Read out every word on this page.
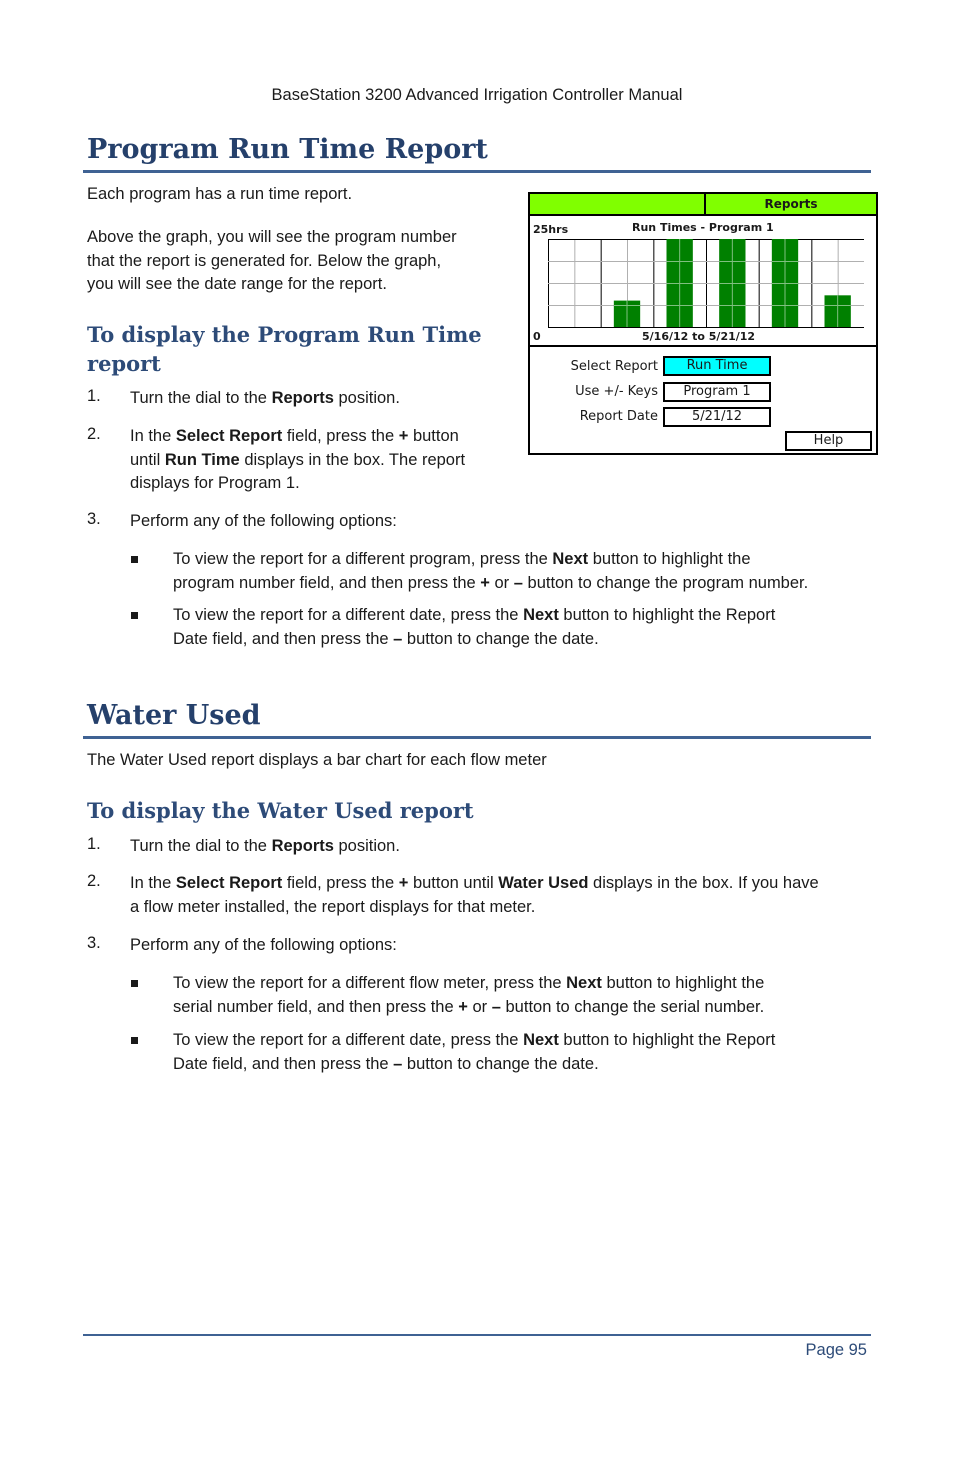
BaseStation 3200 Advanced Irrigation Controller Manual
Program Run Time Report

Each program has a run time report.

Above the graph, you will see the program number

that the report is generated for. Below the graph,

you will see the date range for the report.

To display the Program Run Time
report
1. Turn the dial to the Reports position.
2. In the Select Report field, press the + button
until Run Time displays in the box. The report
displays for Program 1.
3. Perform any of the following options:
To view the report for a different program, press the Next button to highlight the
program number field, and then press the + or – button to change the program number.
To view the report for a different date, press the Next button to highlight the Report
Date field, and then press the – button to change the date.
Reports
25hrs	Run Times - Program 1
0	5/16/12 to 5/21/12
Select Report	Run Time
Use +/- Keys	Program 1
Report Date	5/21/12
Help
Water Used

The Water Used report displays a bar chart for each flow meter

To display the Water Used report
1. Turn the dial to the Reports position.
2. In the Select Report field, press the + button until Water Used displays in the box. If you have
a flow meter installed, the report displays for that meter.
3. Perform any of the following options:
To view the report for a different flow meter, press the Next button to highlight the
serial number field, and then press the + or – button to change the serial number.
To view the report for a different date, press the Next button to highlight the Report
Date field, and then press the – button to change the date.
Page 95
